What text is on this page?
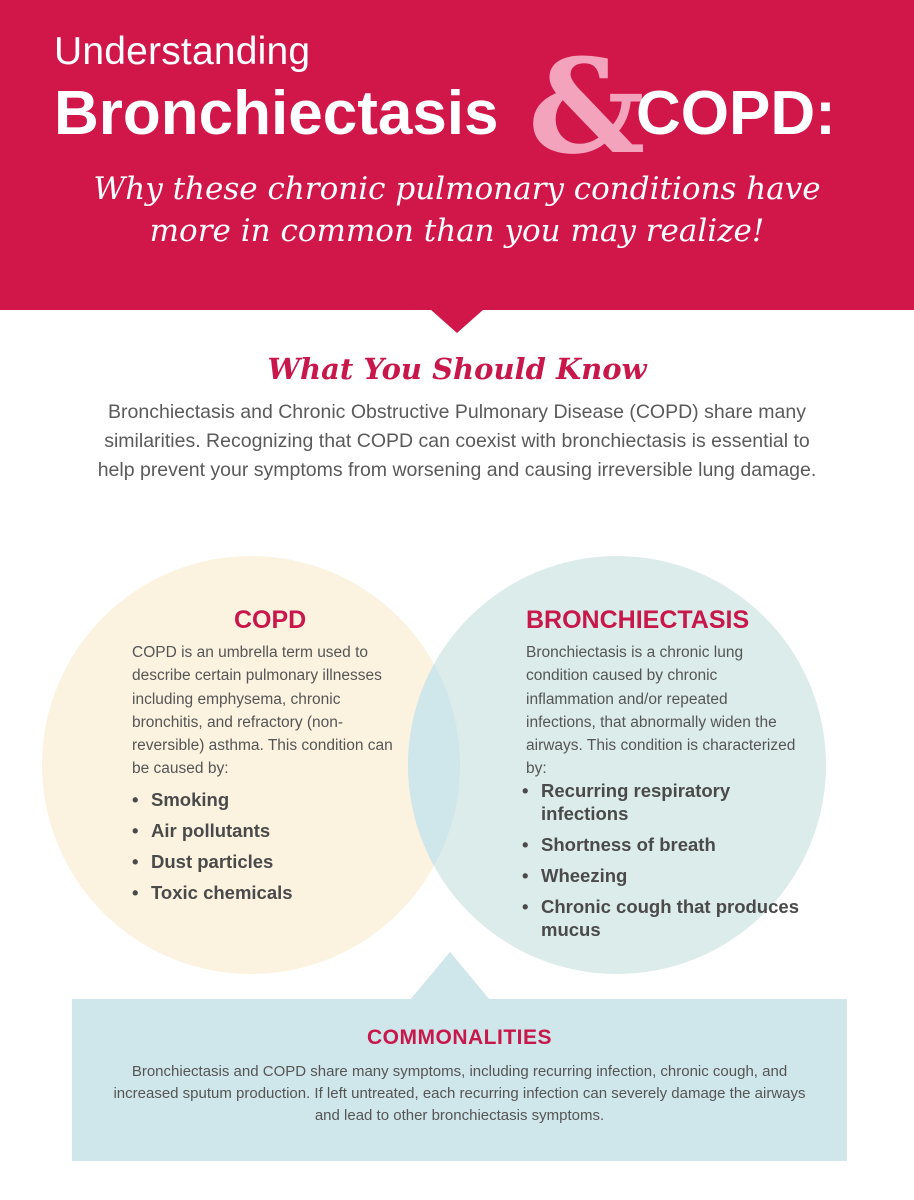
Understanding
Bronchiectasis &
COPD:
Why these chronic pulmonary conditions have
more in common than you may realize!
What You Should Know
Bronchiectasis and Chronic Obstructive Pulmonary Disease (COPD) share many similarities. Recognizing that COPD can coexist with bronchiectasis is essential to help prevent your symptoms from worsening and causing irreversible lung damage.
COPD
COPD is an umbrella term used to describe certain pulmonary illnesses including emphysema, chronic bronchitis, and refractory (non-reversible) asthma. This condition can be caused by:
• Smoking
• Air pollutants
• Dust particles
• Toxic chemicals
BRONCHIECTASIS
Bronchiectasis is a chronic lung condition caused by chronic inflammation and/or repeated infections, that abnormally widen the airways. This condition is characterized by:
• Recurring respiratory infections
• Shortness of breath
• Wheezing
• Chronic cough that produces mucus
COMMONALITIES
Bronchiectasis and COPD share many symptoms, including recurring infection, chronic cough, and increased sputum production. If left untreated, each recurring infection can severely damage the airways and lead to other bronchiectasis symptoms.
